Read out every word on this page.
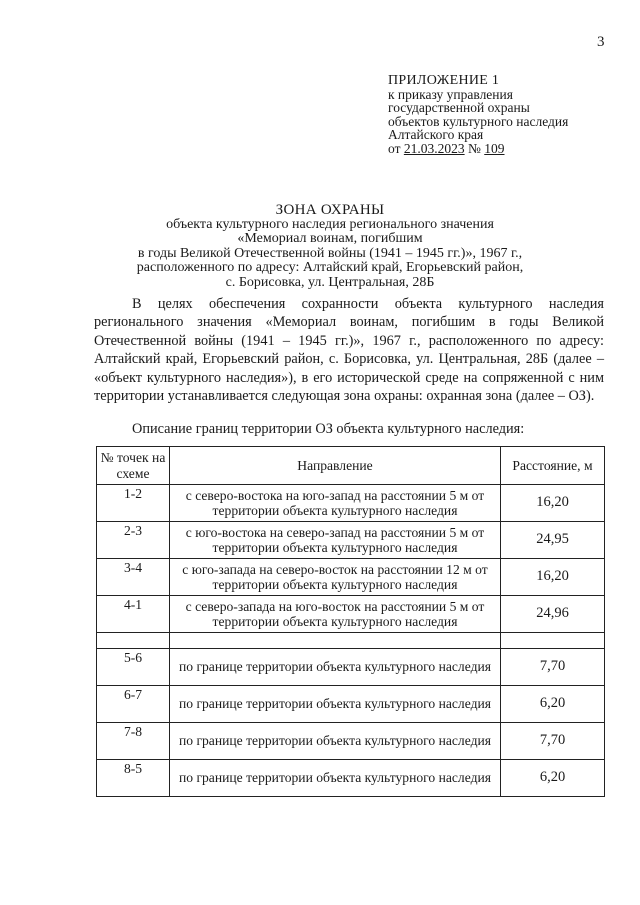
3
ПРИЛОЖЕНИЕ 1
к приказу управления
государственной охраны
объектов культурного наследия
Алтайского края
от 21.03.2023 № 109
ЗОНА ОХРАНЫ
объекта культурного наследия регионального значения
«Мемориал воинам, погибшим
в годы Великой Отечественной войны (1941 – 1945 гг.)», 1967 г.,
расположенного по адресу: Алтайский край, Егорьевский район,
с. Борисовка, ул. Центральная, 28Б

В целях обеспечения сохранности объекта культурного наследия регионального значения «Мемориал воинам, погибшим в годы Великой Отечественной войны (1941 – 1945 гг.)», 1967 г., расположенного по адресу: Алтайский край, Егорьевский район, с. Борисовка, ул. Центральная, 28Б (далее – «объект культурного наследия»), в его исторической среде на сопряженной с ним территории устанавливается следующая зона охраны: охранная зона (далее – ОЗ).

Описание границ территории ОЗ объекта культурного наследия:
№ точек на схеме	Направление	Расстояние, м
1-2	с северо-востока на юго-запад на расстоянии 5 м от территории объекта культурного наследия	16,20
2-3	с юго-востока на северо-запад на расстоянии 5 м от территории объекта культурного наследия	24,95
3-4	с юго-запада на северо-восток на расстоянии 12 м от территории объекта культурного наследия	16,20
4-1	с северо-запада на юго-восток на расстоянии 5 м от территории объекта культурного наследия	24,96

5-6	по границе территории объекта культурного наследия	7,70
6-7	по границе территории объекта культурного наследия	6,20
7-8	по границе территории объекта культурного наследия	7,70
8-5	по границе территории объекта культурного наследия	6,20
